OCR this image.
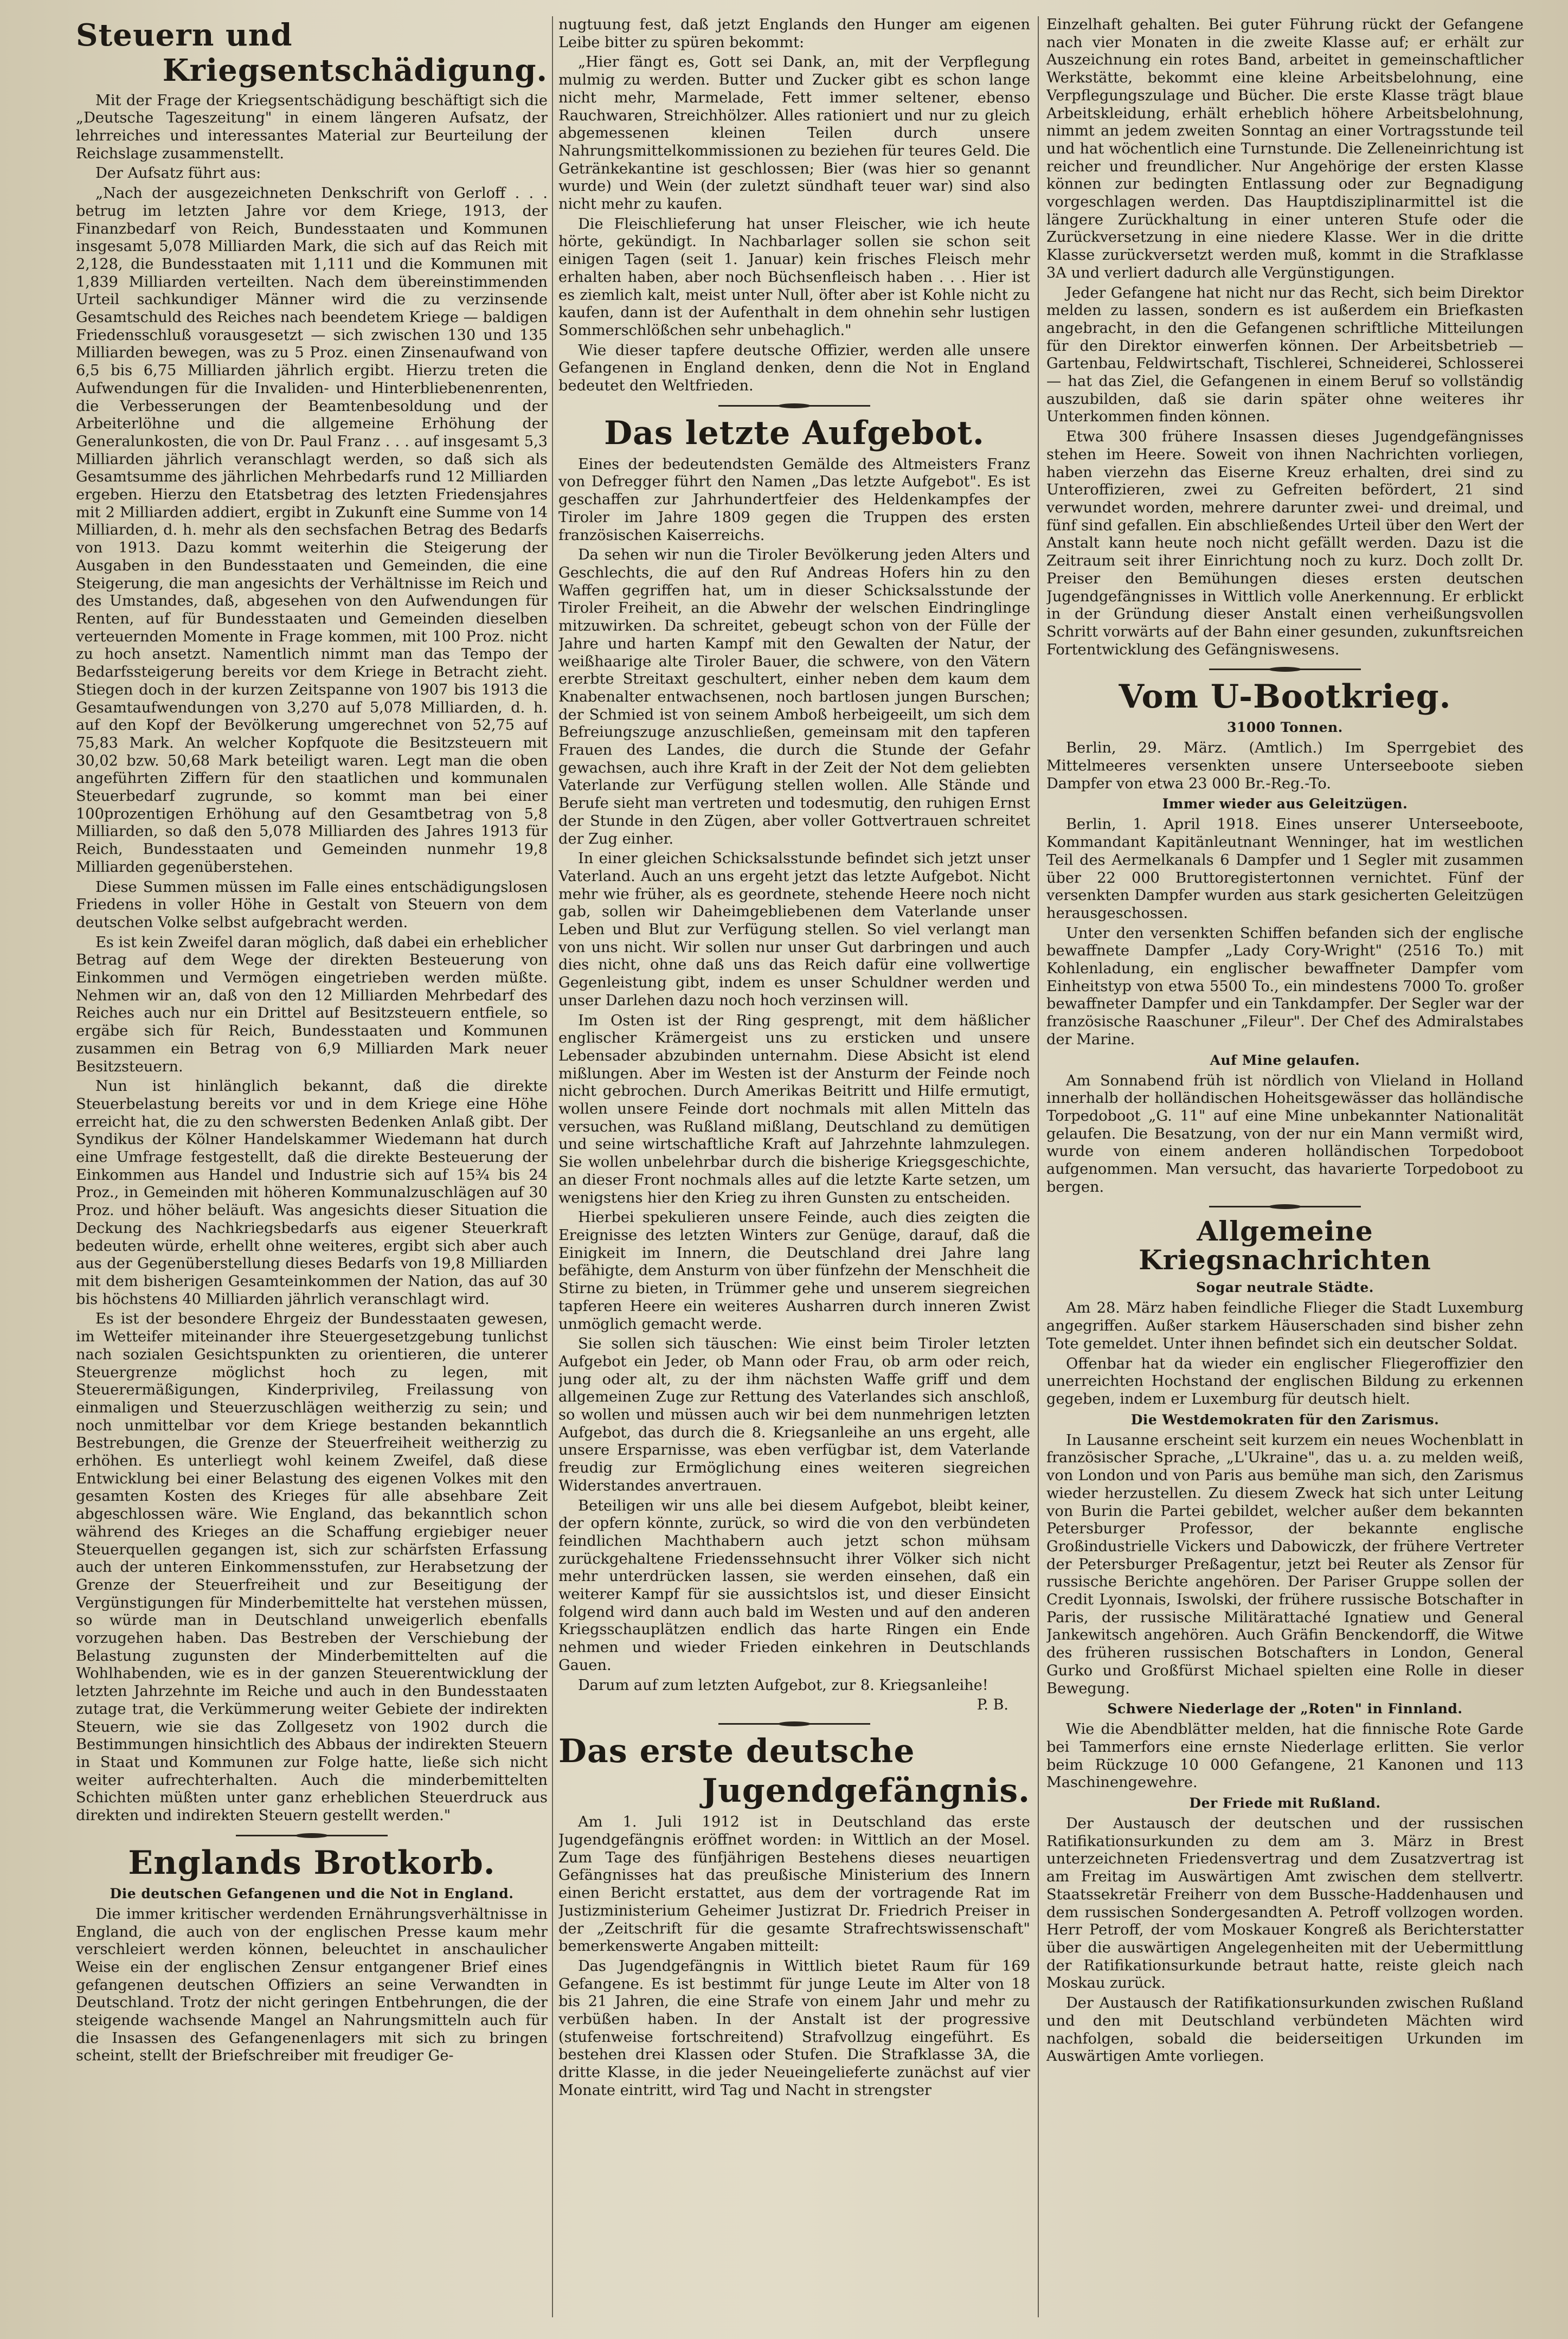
Steuern und
Kriegsentschädigung.

Mit der Frage der Kriegsentschädigung beschäftigt sich die „Deutsche Tageszeitung" in einem längeren Aufsatz, der lehrreiches und interessantes Material zur Beurteilung der Reichslage zusammenstellt.

Der Aufsatz führt aus:

„Nach der ausgezeichneten Denkschrift von Gerloff . . . betrug im letzten Jahre vor dem Kriege, 1913, der Finanzbedarf von Reich, Bundesstaaten und Kommunen insgesamt 5,078 Milliarden Mark, die sich auf das Reich mit 2,128, die Bundesstaaten mit 1,111 und die Kommunen mit 1,839 Milliarden verteilten. Nach dem übereinstimmenden Urteil sachkundiger Männer wird die zu verzinsende Gesamtschuld des Reiches nach beendetem Kriege — baldigen Friedensschluß vorausgesetzt — sich zwischen 130 und 135 Milliarden bewegen, was zu 5 Proz. einen Zinsenaufwand von 6,5 bis 6,75 Milliarden jährlich ergibt. Hierzu treten die Aufwendungen für die Invaliden- und Hinterbliebenenrenten, die Verbesserungen der Beamtenbesoldung und der Arbeiterlöhne und die allgemeine Erhöhung der Generalunkosten, die von Dr. Paul Franz . . . auf insgesamt 5,3 Milliarden jährlich veranschlagt werden, so daß sich als Gesamtsumme des jährlichen Mehrbedarfs rund 12 Milliarden ergeben. Hierzu den Etatsbetrag des letzten Friedensjahres mit 2 Milliarden addiert, ergibt in Zukunft eine Summe von 14 Milliarden, d. h. mehr als den sechsfachen Betrag des Bedarfs von 1913. Dazu kommt weiterhin die Steigerung der Ausgaben in den Bundesstaaten und Gemeinden, die eine Steigerung, die man angesichts der Verhältnisse im Reich und des Umstandes, daß, abgesehen von den Aufwendungen für Renten, auf für Bundesstaaten und Gemeinden dieselben verteuernden Momente in Frage kommen, mit 100 Proz. nicht zu hoch ansetzt. Namentlich nimmt man das Tempo der Bedarfssteigerung bereits vor dem Kriege in Betracht zieht. Stiegen doch in der kurzen Zeitspanne von 1907 bis 1913 die Gesamtaufwendungen von 3,270 auf 5,078 Milliarden, d. h. auf den Kopf der Bevölkerung umgerechnet von 52,75 auf 75,83 Mark. An welcher Kopfquote die Besitzsteuern mit 30,02 bzw. 50,68 Mark beteiligt waren. Legt man die oben angeführten Ziffern für den staatlichen und kommunalen Steuerbedarf zugrunde, so kommt man bei einer 100prozentigen Erhöhung auf den Gesamtbetrag von 5,8 Milliarden, so daß den 5,078 Milliarden des Jahres 1913 für Reich, Bundesstaaten und Gemeinden nunmehr 19,8 Milliarden gegenüberstehen.

Diese Summen müssen im Falle eines entschädigungslosen Friedens in voller Höhe in Gestalt von Steuern von dem deutschen Volke selbst aufgebracht werden.

Es ist kein Zweifel daran möglich, daß dabei ein erheblicher Betrag auf dem Wege der direkten Besteuerung von Einkommen und Vermögen eingetrieben werden müßte. Nehmen wir an, daß von den 12 Milliarden Mehrbedarf des Reiches auch nur ein Drittel auf Besitzsteuern entfiele, so ergäbe sich für Reich, Bundesstaaten und Kommunen zusammen ein Betrag von 6,9 Milliarden Mark neuer Besitzsteuern.

Nun ist hinlänglich bekannt, daß die direkte Steuerbelastung bereits vor und in dem Kriege eine Höhe erreicht hat, die zu den schwersten Bedenken Anlaß gibt. Der Syndikus der Kölner Handelskammer Wiedemann hat durch eine Umfrage festgestellt, daß die direkte Besteuerung der Einkommen aus Handel und Industrie sich auf 15¾ bis 24 Proz., in Gemeinden mit höheren Kommunalzuschlägen auf 30 Proz. und höher beläuft. Was angesichts dieser Situation die Deckung des Nachkriegsbedarfs aus eigener Steuerkraft bedeuten würde, erhellt ohne weiteres, ergibt sich aber auch aus der Gegenüberstellung dieses Bedarfs von 19,8 Milliarden mit dem bisherigen Gesamteinkommen der Nation, das auf 30 bis höchstens 40 Milliarden jährlich veranschlagt wird.

Es ist der besondere Ehrgeiz der Bundesstaaten gewesen, im Wetteifer miteinander ihre Steuergesetzgebung tunlichst nach sozialen Gesichtspunkten zu orientieren, die unterer Steuergrenze möglichst hoch zu legen, mit Steuerermäßigungen, Kinderprivileg, Freilassung von einmaligen und Steuerzuschlägen weitherzig zu sein; und noch unmittelbar vor dem Kriege bestanden bekanntlich Bestrebungen, die Grenze der Steuerfreiheit weitherzig zu erhöhen. Es unterliegt wohl keinem Zweifel, daß diese Entwicklung bei einer Belastung des eigenen Volkes mit den gesamten Kosten des Krieges für alle absehbare Zeit abgeschlossen wäre. Wie England, das bekanntlich schon während des Krieges an die Schaffung ergiebiger neuer Steuerquellen gegangen ist, sich zur schärfsten Erfassung auch der unteren Einkommensstufen, zur Herabsetzung der Grenze der Steuerfreiheit und zur Beseitigung der Vergünstigungen für Minderbemittelte hat verstehen müssen, so würde man in Deutschland unweigerlich ebenfalls vorzugehen haben. Das Bestreben der Verschiebung der Belastung zugunsten der Minderbemittelten auf die Wohlhabenden, wie es in der ganzen Steuerentwicklung der letzten Jahrzehnte im Reiche und auch in den Bundesstaaten zutage trat, die Verkümmerung weiter Gebiete der indirekten Steuern, wie sie das Zollgesetz von 1902 durch die Bestimmungen hinsichtlich des Abbaus der indirekten Steuern in Staat und Kommunen zur Folge hatte, ließe sich nicht weiter aufrechterhalten. Auch die minderbemittelten Schichten müßten unter ganz erheblichen Steuerdruck aus direkten und indirekten Steuern gestellt werden."

Englands Brotkorb.
Die deutschen Gefangenen und die Not in England.

Die immer kritischer werdenden Ernährungsverhältnisse in England, die auch von der englischen Presse kaum mehr verschleiert werden können, beleuchtet in anschaulicher Weise ein der englischen Zensur entgangener Brief eines gefangenen deutschen Offiziers an seine Verwandten in Deutschland. Trotz der nicht geringen Entbehrungen, die der steigende wachsende Mangel an Nahrungsmitteln auch für die Insassen des Gefangenenlagers mit sich zu bringen scheint, stellt der Briefschreiber mit freudiger Ge-

nugtuung fest, daß jetzt Englands den Hunger am eigenen Leibe bitter zu spüren bekommt:

„Hier fängt es, Gott sei Dank, an, mit der Verpflegung mulmig zu werden. Butter und Zucker gibt es schon lange nicht mehr, Marmelade, Fett immer seltener, ebenso Rauchwaren, Streichhölzer. Alles rationiert und nur zu gleich abgemessenen kleinen Teilen durch unsere Nahrungsmittelkommissionen zu beziehen für teures Geld. Die Getränkekantine ist geschlossen; Bier (was hier so genannt wurde) und Wein (der zuletzt sündhaft teuer war) sind also nicht mehr zu kaufen.

Die Fleischlieferung hat unser Fleischer, wie ich heute hörte, gekündigt. In Nachbarlager sollen sie schon seit einigen Tagen (seit 1. Januar) kein frisches Fleisch mehr erhalten haben, aber noch Büchsenfleisch haben . . . Hier ist es ziemlich kalt, meist unter Null, öfter aber ist Kohle nicht zu kaufen, dann ist der Aufenthalt in dem ohnehin sehr lustigen Sommerschlößchen sehr unbehaglich."

Wie dieser tapfere deutsche Offizier, werden alle unsere Gefangenen in England denken, denn die Not in England bedeutet den Weltfrieden.

Das letzte Aufgebot.

Eines der bedeutendsten Gemälde des Altmeisters Franz von Defregger führt den Namen „Das letzte Aufgebot". Es ist geschaffen zur Jahrhundertfeier des Heldenkampfes der Tiroler im Jahre 1809 gegen die Truppen des ersten französischen Kaiserreichs.

Da sehen wir nun die Tiroler Bevölkerung jeden Alters und Geschlechts, die auf den Ruf Andreas Hofers hin zu den Waffen gegriffen hat, um in dieser Schicksalsstunde der Tiroler Freiheit, an die Abwehr der welschen Eindringlinge mitzuwirken. Da schreitet, gebeugt schon von der Fülle der Jahre und harten Kampf mit den Gewalten der Natur, der weißhaarige alte Tiroler Bauer, die schwere, von den Vätern ererbte Streitaxt geschultert, einher neben dem kaum dem Knabenalter entwachsenen, noch bartlosen jungen Burschen; der Schmied ist von seinem Amboß herbeigeeilt, um sich dem Befreiungszuge anzuschließen, gemeinsam mit den tapferen Frauen des Landes, die durch die Stunde der Gefahr gewachsen, auch ihre Kraft in der Zeit der Not dem geliebten Vaterlande zur Verfügung stellen wollen. Alle Stände und Berufe sieht man vertreten und todesmutig, den ruhigen Ernst der Stunde in den Zügen, aber voller Gottvertrauen schreitet der Zug einher.

In einer gleichen Schicksalsstunde befindet sich jetzt unser Vaterland. Auch an uns ergeht jetzt das letzte Aufgebot. Nicht mehr wie früher, als es geordnete, stehende Heere noch nicht gab, sollen wir Daheimgebliebenen dem Vaterlande unser Leben und Blut zur Verfügung stellen. So viel verlangt man von uns nicht. Wir sollen nur unser Gut darbringen und auch dies nicht, ohne daß uns das Reich dafür eine vollwertige Gegenleistung gibt, indem es unser Schuldner werden und unser Darlehen dazu noch hoch verzinsen will.

Im Osten ist der Ring gesprengt, mit dem häßlicher englischer Krämergeist uns zu ersticken und unsere Lebensader abzubinden unternahm. Diese Absicht ist elend mißlungen. Aber im Westen ist der Ansturm der Feinde noch nicht gebrochen. Durch Amerikas Beitritt und Hilfe ermutigt, wollen unsere Feinde dort nochmals mit allen Mitteln das versuchen, was Rußland mißlang, Deutschland zu demütigen und seine wirtschaftliche Kraft auf Jahrzehnte lahmzulegen. Sie wollen unbelehrbar durch die bisherige Kriegsgeschichte, an dieser Front nochmals alles auf die letzte Karte setzen, um wenigstens hier den Krieg zu ihren Gunsten zu entscheiden.

Hierbei spekulieren unsere Feinde, auch dies zeigten die Ereignisse des letzten Winters zur Genüge, darauf, daß die Einigkeit im Innern, die Deutschland drei Jahre lang befähigte, dem Ansturm von über fünfzehn der Menschheit die Stirne zu bieten, in Trümmer gehe und unserem siegreichen tapferen Heere ein weiteres Ausharren durch inneren Zwist unmöglich gemacht werde.

Sie sollen sich täuschen: Wie einst beim Tiroler letzten Aufgebot ein Jeder, ob Mann oder Frau, ob arm oder reich, jung oder alt, zu der ihm nächsten Waffe griff und dem allgemeinen Zuge zur Rettung des Vaterlandes sich anschloß, so wollen und müssen auch wir bei dem nunmehrigen letzten Aufgebot, das durch die 8. Kriegsanleihe an uns ergeht, alle unsere Ersparnisse, was eben verfügbar ist, dem Vaterlande freudig zur Ermöglichung eines weiteren siegreichen Widerstandes anvertrauen.

Beteiligen wir uns alle bei diesem Aufgebot, bleibt keiner, der opfern könnte, zurück, so wird die von den verbündeten feindlichen Machthabern auch jetzt schon mühsam zurückgehaltene Friedenssehnsucht ihrer Völker sich nicht mehr unterdrücken lassen, sie werden einsehen, daß ein weiterer Kampf für sie aussichtslos ist, und dieser Einsicht folgend wird dann auch bald im Westen und auf den anderen Kriegsschauplätzen endlich das harte Ringen ein Ende nehmen und wieder Frieden einkehren in Deutschlands Gauen.

Darum auf zum letzten Aufgebot, zur 8. Kriegsanleihe!

P. B.
Das erste deutsche
Jugendgefängnis.

Am 1. Juli 1912 ist in Deutschland das erste Jugendgefängnis eröffnet worden: in Wittlich an der Mosel. Zum Tage des fünfjährigen Bestehens dieses neuartigen Gefängnisses hat das preußische Ministerium des Innern einen Bericht erstattet, aus dem der vortragende Rat im Justizministerium Geheimer Justizrat Dr. Friedrich Preiser in der „Zeitschrift für die gesamte Strafrechtswissenschaft" bemerkenswerte Angaben mitteilt:

Das Jugendgefängnis in Wittlich bietet Raum für 169 Gefangene. Es ist bestimmt für junge Leute im Alter von 18 bis 21 Jahren, die eine Strafe von einem Jahr und mehr zu verbüßen haben. In der Anstalt ist der progressive (stufenweise fortschreitend) Strafvollzug eingeführt. Es bestehen drei Klassen oder Stufen. Die Strafklasse 3A, die dritte Klasse, in die jeder Neueingelieferte zunächst auf vier Monate eintritt, wird Tag und Nacht in strengster

Einzelhaft gehalten. Bei guter Führung rückt der Gefangene nach vier Monaten in die zweite Klasse auf; er erhält zur Auszeichnung ein rotes Band, arbeitet in gemeinschaftlicher Werkstätte, bekommt eine kleine Arbeitsbelohnung, eine Verpflegungszulage und Bücher. Die erste Klasse trägt blaue Arbeitskleidung, erhält erheblich höhere Arbeitsbelohnung, nimmt an jedem zweiten Sonntag an einer Vortragsstunde teil und hat wöchentlich eine Turnstunde. Die Zelleneinrichtung ist reicher und freundlicher. Nur Angehörige der ersten Klasse können zur bedingten Entlassung oder zur Begnadigung vorgeschlagen werden. Das Hauptdisziplinarmittel ist die längere Zurückhaltung in einer unteren Stufe oder die Zurückversetzung in eine niedere Klasse. Wer in die dritte Klasse zurückversetzt werden muß, kommt in die Strafklasse 3A und verliert dadurch alle Vergünstigungen.

Jeder Gefangene hat nicht nur das Recht, sich beim Direktor melden zu lassen, sondern es ist außerdem ein Briefkasten angebracht, in den die Gefangenen schriftliche Mitteilungen für den Direktor einwerfen können. Der Arbeitsbetrieb — Gartenbau, Feldwirtschaft, Tischlerei, Schneiderei, Schlosserei — hat das Ziel, die Gefangenen in einem Beruf so vollständig auszubilden, daß sie darin später ohne weiteres ihr Unterkommen finden können.

Etwa 300 frühere Insassen dieses Jugendgefängnisses stehen im Heere. Soweit von ihnen Nachrichten vorliegen, haben vierzehn das Eiserne Kreuz erhalten, drei sind zu Unteroffizieren, zwei zu Gefreiten befördert, 21 sind verwundet worden, mehrere darunter zwei- und dreimal, und fünf sind gefallen. Ein abschließendes Urteil über den Wert der Anstalt kann heute noch nicht gefällt werden. Dazu ist die Zeitraum seit ihrer Einrichtung noch zu kurz. Doch zollt Dr. Preiser den Bemühungen dieses ersten deutschen Jugendgefängnisses in Wittlich volle Anerkennung. Er erblickt in der Gründung dieser Anstalt einen verheißungsvollen Schritt vorwärts auf der Bahn einer gesunden, zukunftsreichen Fortentwicklung des Gefängniswesens.

Vom U-Bootkrieg.
31000 Tonnen.

Berlin, 29. März. (Amtlich.) Im Sperrgebiet des Mittelmeeres versenkten unsere Unterseeboote sieben Dampfer von etwa 23 000 Br.-Reg.-To.

Immer wieder aus Geleitzügen.

Berlin, 1. April 1918. Eines unserer Unterseeboote, Kommandant Kapitänleutnant Wenninger, hat im westlichen Teil des Aermelkanals 6 Dampfer und 1 Segler mit zusammen über 22 000 Bruttoregistertonnen vernichtet. Fünf der versenkten Dampfer wurden aus stark gesicherten Geleitzügen herausgeschossen.

Unter den versenkten Schiffen befanden sich der englische bewaffnete Dampfer „Lady Cory-Wright" (2516 To.) mit Kohlenladung, ein englischer bewaffneter Dampfer vom Einheitstyp von etwa 5500 To., ein mindestens 7000 To. großer bewaffneter Dampfer und ein Tankdampfer. Der Segler war der französische Raaschuner „Fileur". Der Chef des Admiralstabes der Marine.

Auf Mine gelaufen.

Am Sonnabend früh ist nördlich von Vlieland in Holland innerhalb der holländischen Hoheitsgewässer das holländische Torpedoboot „G. 11" auf eine Mine unbekannter Nationalität gelaufen. Die Besatzung, von der nur ein Mann vermißt wird, wurde von einem anderen holländischen Torpedoboot aufgenommen. Man versucht, das havarierte Torpedoboot zu bergen.

Allgemeine Kriegsnachrichten
Sogar neutrale Städte.

Am 28. März haben feindliche Flieger die Stadt Luxemburg angegriffen. Außer starkem Häuserschaden sind bisher zehn Tote gemeldet. Unter ihnen befindet sich ein deutscher Soldat.

Offenbar hat da wieder ein englischer Fliegeroffizier den unerreichten Hochstand der englischen Bildung zu erkennen gegeben, indem er Luxemburg für deutsch hielt.

Die Westdemokraten für den Zarismus.

In Lausanne erscheint seit kurzem ein neues Wochenblatt in französischer Sprache, „L'Ukraine", das u. a. zu melden weiß, von London und von Paris aus bemühe man sich, den Zarismus wieder herzustellen. Zu diesem Zweck hat sich unter Leitung von Burin die Partei gebildet, welcher außer dem bekannten Petersburger Professor, der bekannte englische Großindustrielle Vickers und Dabowiczk, der frühere Vertreter der Petersburger Preßagentur, jetzt bei Reuter als Zensor für russische Berichte angehören. Der Pariser Gruppe sollen der Credit Lyonnais, Iswolski, der frühere russische Botschafter in Paris, der russische Militärattaché Ignatiew und General Jankewitsch angehören. Auch Gräfin Benckendorff, die Witwe des früheren russischen Botschafters in London, General Gurko und Großfürst Michael spielten eine Rolle in dieser Bewegung.

Schwere Niederlage der „Roten" in Finnland.

Wie die Abendblätter melden, hat die finnische Rote Garde bei Tammerfors eine ernste Niederlage erlitten. Sie verlor beim Rückzuge 10 000 Gefangene, 21 Kanonen und 113 Maschinengewehre.

Der Friede mit Rußland.

Der Austausch der deutschen und der russischen Ratifikationsurkunden zu dem am 3. März in Brest unterzeichneten Friedensvertrag und dem Zusatzvertrag ist am Freitag im Auswärtigen Amt zwischen dem stellvertr. Staatssekretär Freiherr von dem Bussche-Haddenhausen und dem russischen Sondergesandten A. Petroff vollzogen worden. Herr Petroff, der vom Moskauer Kongreß als Berichterstatter über die auswärtigen Angelegenheiten mit der Uebermittlung der Ratifikationsurkunde betraut hatte, reiste gleich nach Moskau zurück.

Der Austausch der Ratifikationsurkunden zwischen Rußland und den mit Deutschland verbündeten Mächten wird nachfolgen, sobald die beiderseitigen Urkunden im Auswärtigen Amte vorliegen.
